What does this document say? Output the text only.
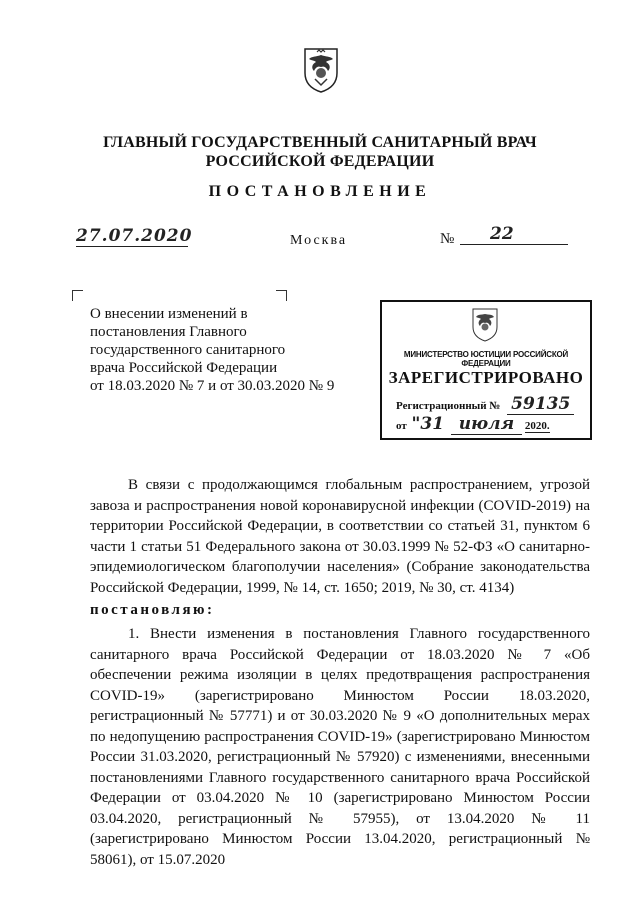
ГЛАВНЫЙ ГОСУДАРСТВЕННЫЙ САНИТАРНЫЙ ВРАЧ
РОССИЙСКОЙ ФЕДЕРАЦИИ
ПОСТАНОВЛЕНИЕ
27.07.2020	Москва	№	22
О внесении изменений в
постановления Главного
государственного санитарного
врача Российской Федерации
от 18.03.2020 № 7 и от 30.03.2020 № 9
МИНИСТЕРСТВО ЮСТИЦИИ РОССИЙСКОЙ ФЕДЕРАЦИИ
ЗАРЕГИСТРИРОВАНО
Регистрационный № 59135
от "31 июля 2020.
В связи с продолжающимся глобальным распространением, угрозой завоза и распространения новой коронавирусной инфекции (COVID-2019) на территории Российской Федерации, в соответствии со статьей 31, пунктом 6 части 1 статьи 51 Федерального закона от 30.03.1999 № 52-ФЗ «О санитарно-эпидемиологическом благополучии населения» (Собрание законодательства Российской Федерации, 1999, № 14, ст. 1650; 2019, № 30, ст. 4134)
постановляю:
1. Внести изменения в постановления Главного государственного санитарного врача Российской Федерации от 18.03.2020 № 7 «Об обеспечении режима изоляции в целях предотвращения распространения COVID-19» (зарегистрировано Минюстом России 18.03.2020, регистрационный № 57771) и от 30.03.2020 № 9 «О дополнительных мерах по недопущению распространения COVID-19» (зарегистрировано Минюстом России 31.03.2020, регистрационный № 57920) с изменениями, внесенными постановлениями Главного государственного санитарного врача Российской Федерации от 03.04.2020 № 10 (зарегистрировано Минюстом России 03.04.2020, регистрационный № 57955), от 13.04.2020 № 11 (зарегистрировано Минюстом России 13.04.2020, регистрационный № 58061), от 15.07.2020
